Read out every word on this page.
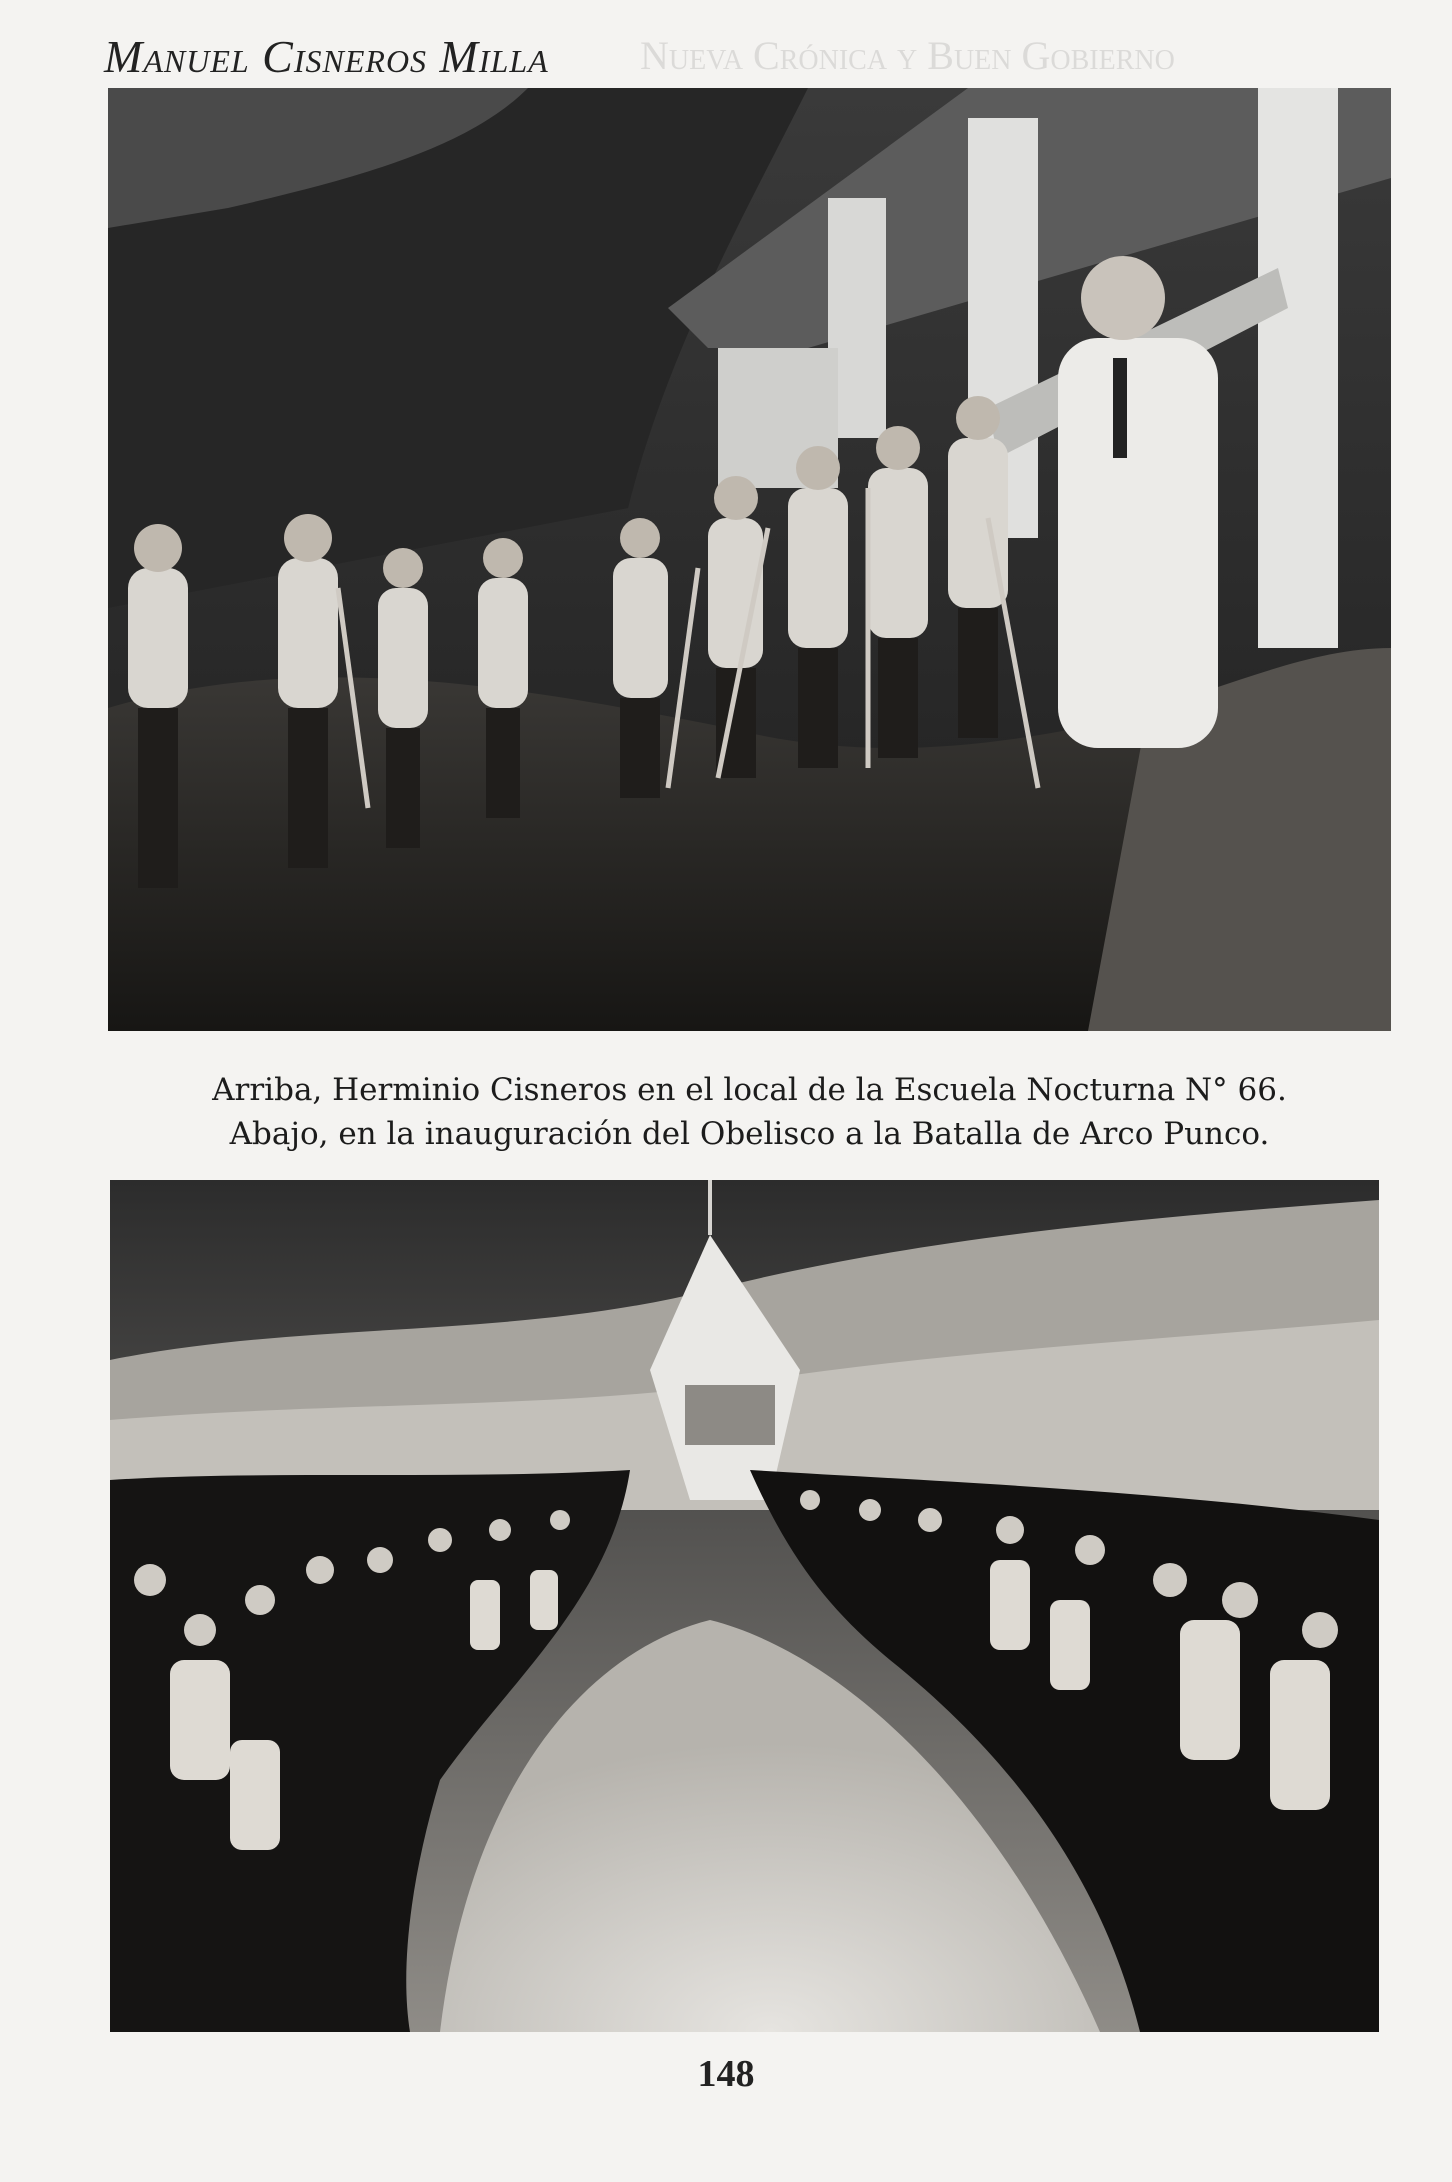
Nueva Crónica y Buen Gobierno
Manuel Cisneros Milla
Arriba, Herminio Cisneros en el local de la Escuela Nocturna N° 66.
Abajo, en la inauguración del Obelisco a la Batalla de Arco Punco.
148
